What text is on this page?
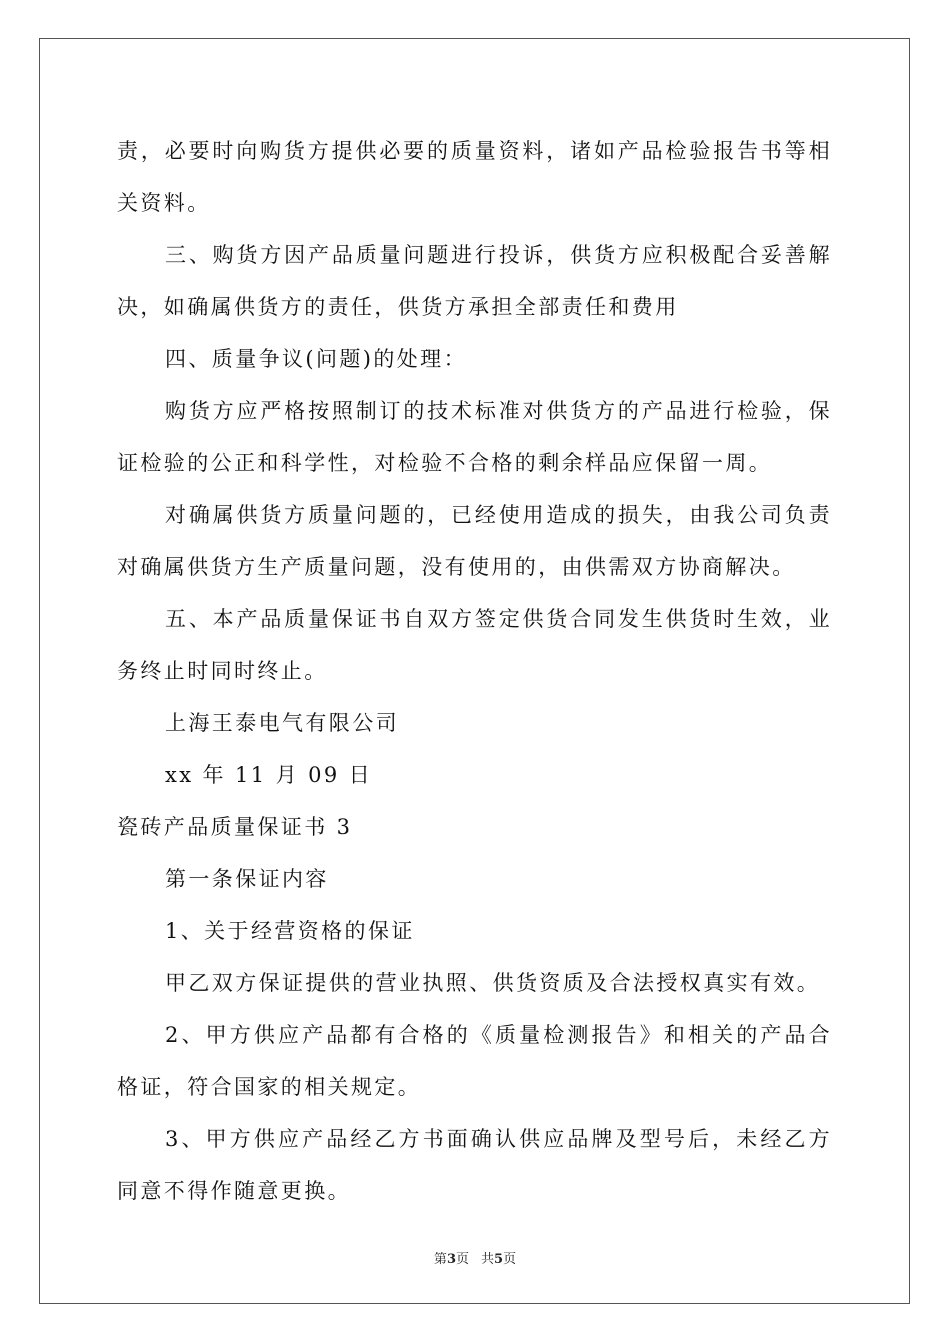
责，必要时向购货方提供必要的质量资料，诸如产品检验报告书等相
关资料。
三、购货方因产品质量问题进行投诉，供货方应积极配合妥善解
决，如确属供货方的责任，供货方承担全部责任和费用
四、质量争议(问题)的处理：
购货方应严格按照制订的技术标准对供货方的产品进行检验，保
证检验的公正和科学性，对检验不合格的剩余样品应保留一周。
对确属供货方质量问题的，已经使用造成的损失，由我公司负责
对确属供货方生产质量问题，没有使用的，由供需双方协商解决。
五、本产品质量保证书自双方签定供货合同发生供货时生效，业
务终止时同时终止。
上海王泰电气有限公司
xx 年 11 月 09 日
瓷砖产品质量保证书 3
第一条保证内容
1、关于经营资格的保证
甲乙双方保证提供的营业执照、供货资质及合法授权真实有效。
2、甲方供应产品都有合格的《质量检测报告》和相关的产品合
格证，符合国家的相关规定。
3、甲方供应产品经乙方书面确认供应品牌及型号后，未经乙方
同意不得作随意更换。
第3页 共5页
